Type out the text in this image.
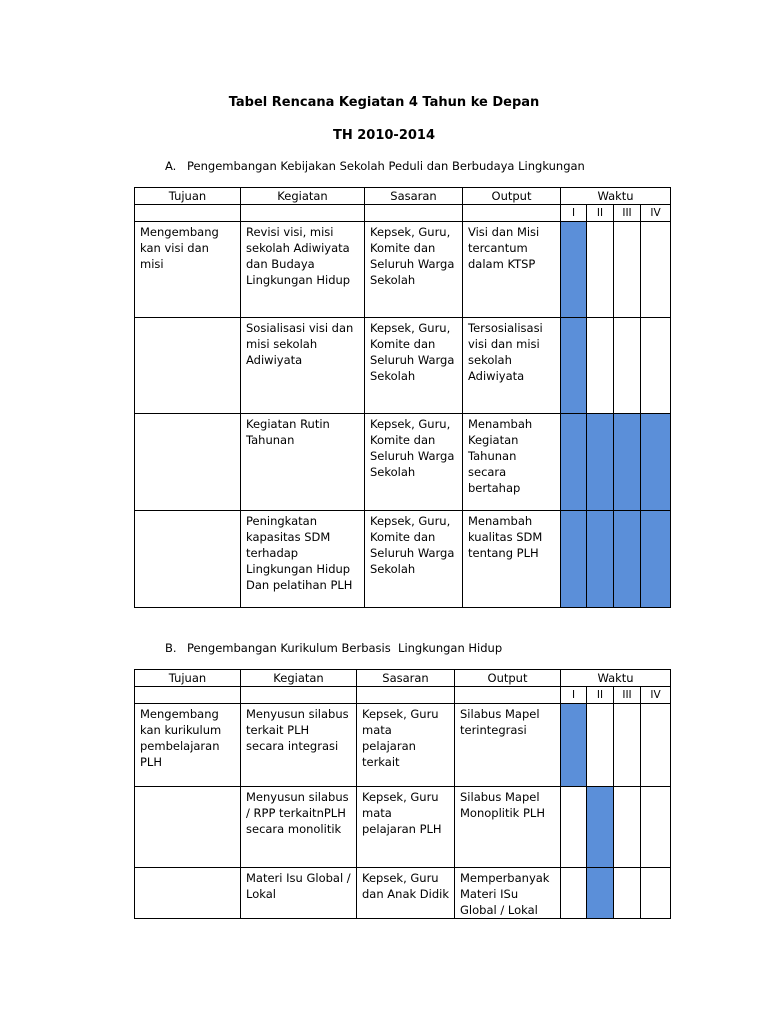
Tabel Rencana Kegiatan 4 Tahun ke Depan
TH 2010-2014
A. Pengembangan Kebijakan Sekolah Peduli dan Berbudaya Lingkungan
Tujuan	Kegiatan	Sasaran	Output	Waktu			
				I	II	III	IV
Mengembang kan visi dan misi	Revisi visi, misi sekolah Adiwiyata dan Budaya Lingkungan Hidup	Kepsek, Guru, Komite dan Seluruh Warga Sekolah	Visi dan Misi tercantum dalam KTSP				
	Sosialisasi visi dan misi sekolah Adiwiyata	Kepsek, Guru, Komite dan Seluruh Warga Sekolah	Tersosialisasi visi dan misi sekolah Adiwiyata				
	Kegiatan Rutin Tahunan	Kepsek, Guru, Komite dan Seluruh Warga Sekolah	Menambah Kegiatan Tahunan secara bertahap				
	Peningkatan kapasitas SDM terhadap Lingkungan Hidup Dan pelatihan PLH	Kepsek, Guru, Komite dan Seluruh Warga Sekolah	Menambah kualitas SDM tentang PLH				
B. Pengembangan Kurikulum Berbasis  Lingkungan Hidup
Tujuan	Kegiatan	Sasaran	Output	Waktu			
				I	II	III	IV
Mengembang kan kurikulum pembelajaran PLH	Menyusun silabus terkait PLH secara integrasi	Kepsek, Guru mata pelajaran terkait	Silabus Mapel terintegrasi				
	Menyusun silabus / RPP terkaitnPLH secara monolitik	Kepsek, Guru mata pelajaran PLH	Silabus Mapel Monoplitik PLH				
	Materi Isu Global / Lokal	Kepsek, Guru dan Anak Didik	Memperbanyak Materi ISu Global / Lokal				
